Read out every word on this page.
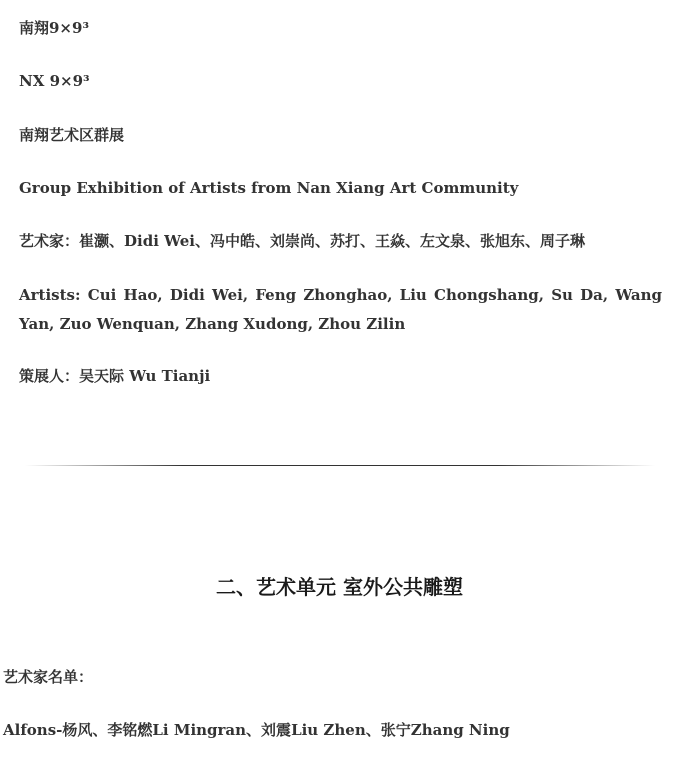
南翔9×9³

NX 9×9³

南翔艺术区群展

Group Exhibition of Artists from Nan Xiang Art Community

艺术家：崔灏、Didi Wei、冯中皓、刘崇尚、苏打、王焱、左文泉、张旭东、周子琳

Artists: Cui Hao, Didi Wei, Feng Zhonghao, Liu Chongshang, Su Da, Wang Yan, Zuo Wenquan, Zhang Xudong, Zhou Zilin

策展人：吴天际 Wu Tianji

二、艺术单元 室外公共雕塑

艺术家名单：

Alfons-杨风、李铭燃Li Mingran、刘震Liu Zhen、张宁Zhang Ning
